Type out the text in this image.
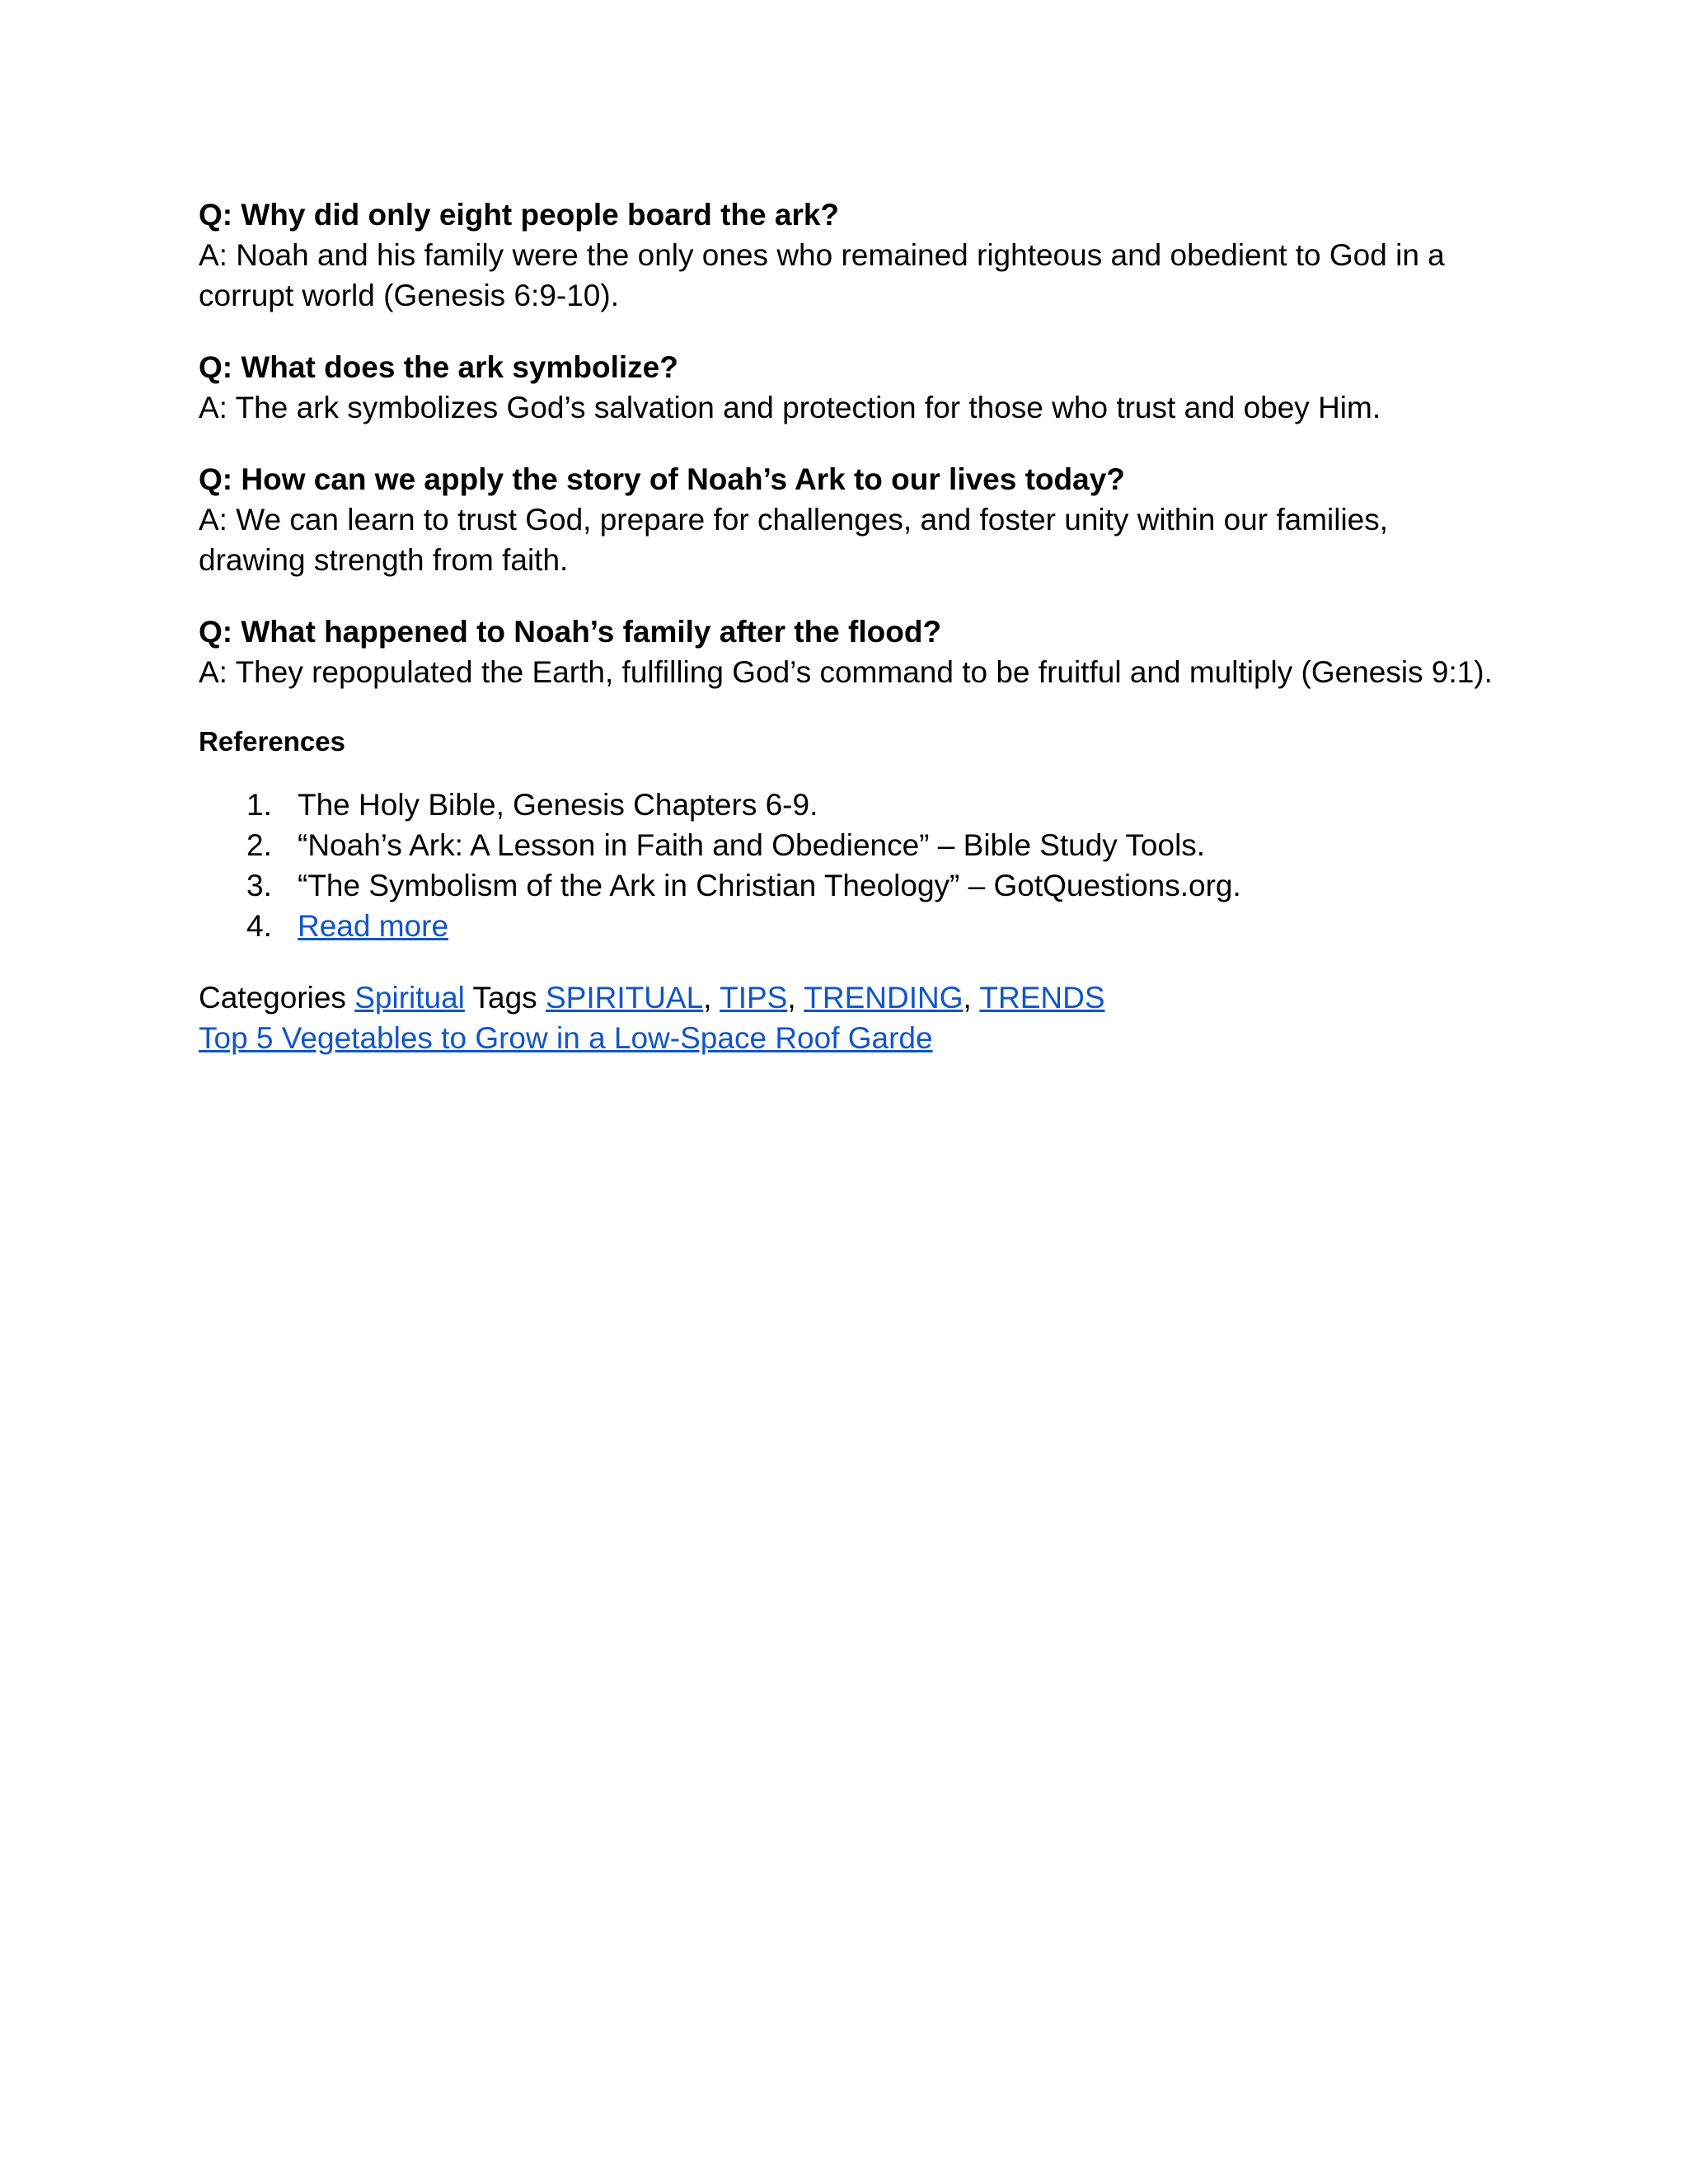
Q: Why did only eight people board the ark?

A: Noah and his family were the only ones who remained righteous and obedient to God in a corrupt world (Genesis 6:9-10).

Q: What does the ark symbolize?

A: The ark symbolizes God’s salvation and protection for those who trust and obey Him.

Q: How can we apply the story of Noah’s Ark to our lives today?

A: We can learn to trust God, prepare for challenges, and foster unity within our families, drawing strength from faith.

Q: What happened to Noah’s family after the flood?

A: They repopulated the Earth, fulfilling God’s command to be fruitful and multiply (Genesis 9:1).

References

1. The Holy Bible, Genesis Chapters 6-9.
2. “Noah’s Ark: A Lesson in Faith and Obedience” – Bible Study Tools.
3. “The Symbolism of the Ark in Christian Theology” – GotQuestions.org.
4. Read more

Categories Spiritual Tags SPIRITUAL, TIPS, TRENDING, TRENDS

Top 5 Vegetables to Grow in a Low-Space Roof Garde
